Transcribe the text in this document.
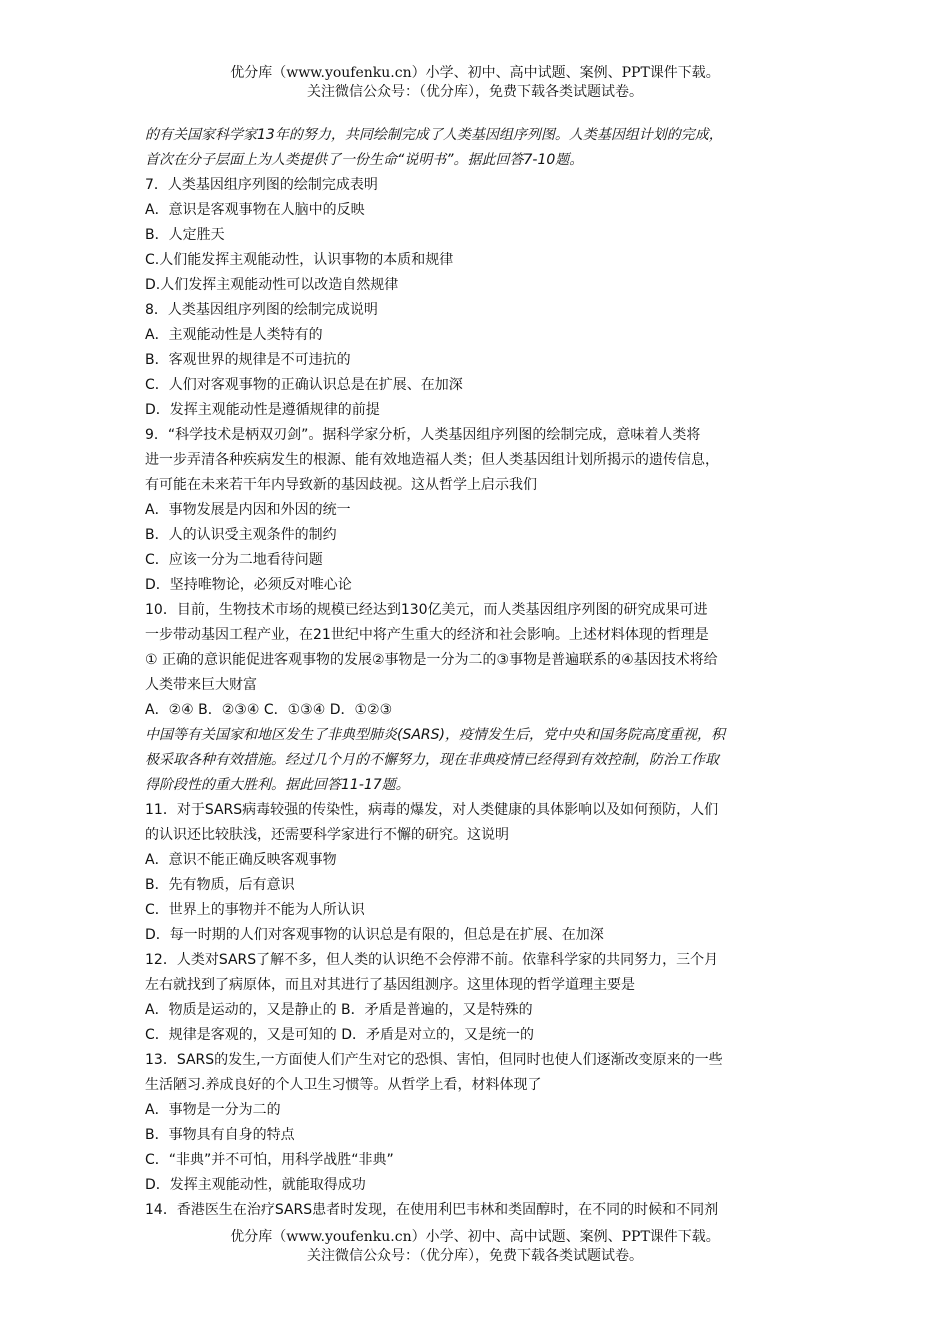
优分库（www.youfenku.cn）小学、初中、高中试题、案例、PPT课件下载。
关注微信公众号：（优分库），免费下载各类试题试卷。
的有关国家科学家13年的努力，共同绘制完成了人类基因组序列图。人类基因组计划的完成，
首次在分子层面上为人类提供了一份生命“说明书”。据此回答7-10题。
7．人类基因组序列图的绘制完成表明
A．意识是客观事物在人脑中的反映
B．人定胜天
C.人们能发挥主观能动性，认识事物的本质和规律
D.人们发挥主观能动性可以改造自然规律
8．人类基因组序列图的绘制完成说明
A．主观能动性是人类特有的
B．客观世界的规律是不可违抗的
C．人们对客观事物的正确认识总是在扩展、在加深
D．发挥主观能动性是遵循规律的前提
9．“科学技术是柄双刃剑”。据科学家分析，人类基因组序列图的绘制完成，意味着人类将
进一步弄清各种疾病发生的根源、能有效地造福人类；但人类基因组计划所揭示的遗传信息，
有可能在未来若干年内导致新的基因歧视。这从哲学上启示我们
A．事物发展是内因和外因的统一
B．人的认识受主观条件的制约
C．应该一分为二地看待问题
D．坚持唯物论，必须反对唯心论
10．目前，生物技术市场的规模已经达到130亿美元，而人类基因组序列图的研究成果可进
一步带动基因工程产业，在21世纪中将产生重大的经济和社会影响。上述材料体现的哲理是
① 正确的意识能促进客观事物的发展②事物是一分为二的③事物是普遍联系的④基因技术将给
人类带来巨大财富
A．②④ B．②③④ C．①③④ D．①②③
中国等有关国家和地区发生了非典型肺炎(SARS)，疫情发生后，党中央和国务院高度重视，积
极采取各种有效措施。经过几个月的不懈努力，现在非典疫情已经得到有效控制，防治工作取
得阶段性的重大胜利。据此回答11-17题。
11．对于SARS病毒较强的传染性，病毒的爆发，对人类健康的具体影响以及如何预防，人们
的认识还比较肤浅，还需要科学家进行不懈的研究。这说明
A．意识不能正确反映客观事物
B．先有物质，后有意识
C．世界上的事物并不能为人所认识
D．每一时期的人们对客观事物的认识总是有限的，但总是在扩展、在加深
12．人类对SARS了解不多，但人类的认识绝不会停滞不前。依靠科学家的共同努力，三个月
左右就找到了病原体，而且对其进行了基因组测序。这里体现的哲学道理主要是
A．物质是运动的，又是静止的 B．矛盾是普遍的，又是特殊的
C．规律是客观的，又是可知的 D．矛盾是对立的，又是统一的
13．SARS的发生,一方面使人们产生对它的恐惧、害怕，但同时也使人们逐渐改变原来的一些
生活陋习.养成良好的个人卫生习惯等。从哲学上看，材料体现了
A．事物是一分为二的
B．事物具有自身的特点
C．“非典”并不可怕，用科学战胜“非典”
D．发挥主观能动性，就能取得成功
14．香港医生在治疗SARS患者时发现，在使用利巴韦林和类固醇时，在不同的时候和不同剂
优分库（www.youfenku.cn）小学、初中、高中试题、案例、PPT课件下载。
关注微信公众号：（优分库），免费下载各类试题试卷。
